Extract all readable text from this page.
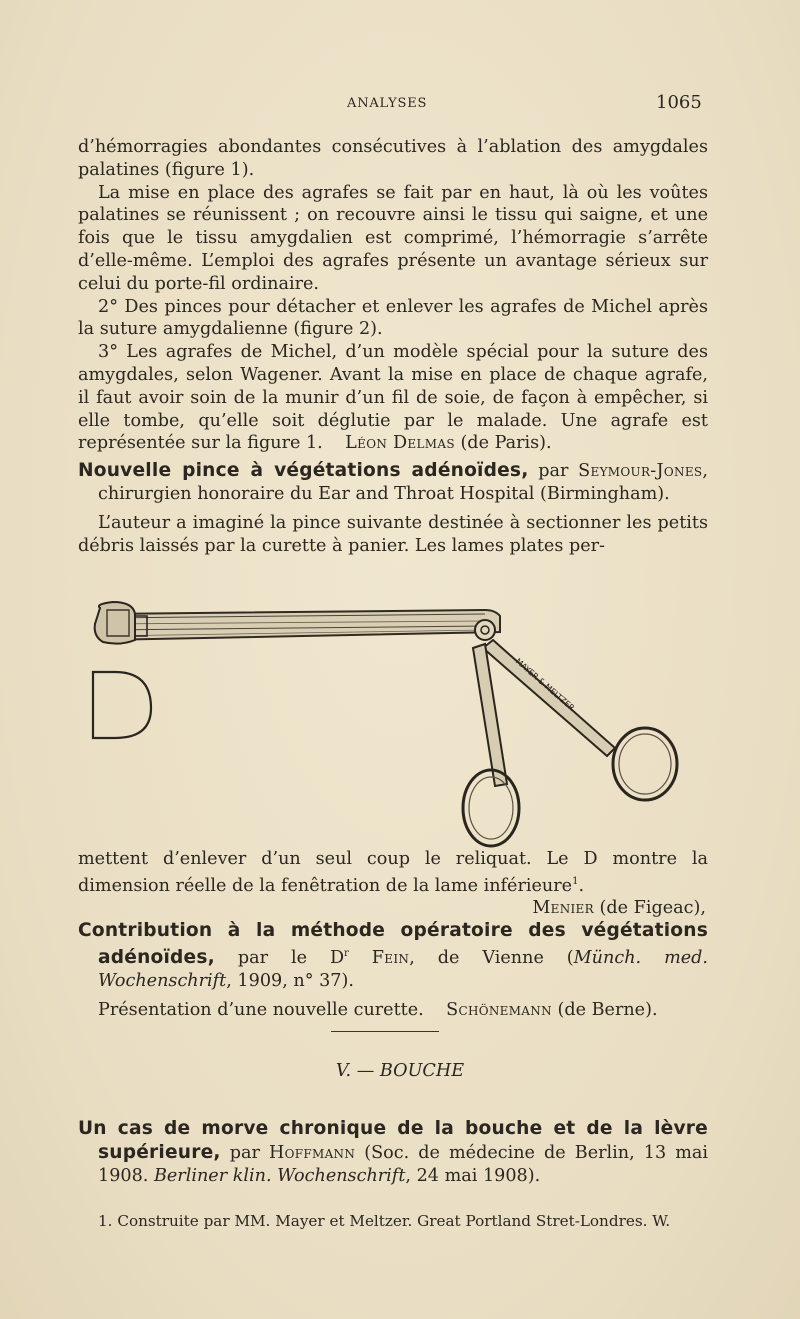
ANALYSES	1065

d’hémorragies abondantes consécutives à l’ablation des amygdales palatines (figure 1).

La mise en place des agrafes se fait par en haut, là où les voûtes palatines se réunissent ; on recouvre ainsi le tissu qui saigne, et une fois que le tissu amygdalien est comprimé, l’hémorragie s’arrête d’elle-même. L’emploi des agrafes présente un avantage sérieux sur celui du porte-fil ordinaire.

2° Des pinces pour détacher et enlever les agrafes de Michel après la suture amygdalienne (figure 2).

3° Les agrafes de Michel, d’un modèle spécial pour la suture des amygdales, selon Wagener. Avant la mise en place de chaque agrafe, il faut avoir soin de la munir d’un fil de soie, de façon à empêcher, si elle tombe, qu’elle soit déglutie par le malade. Une agrafe est représentée sur la figure 1. Léon Delmas (de Paris).

Nouvelle pince à végétations adénoïdes, par Seymour-Jones, chirurgien honoraire du Ear and Throat Hospital (Birmingham).

L’auteur a imaginé la pince suivante destinée à sectionner les petits débris laissés par la curette à panier. Les lames plates per-

MAYER & MELTZER

mettent d’enlever d’un seul coup le reliquat. Le D montre la dimension réelle de la fenêtration de la lame inférieure$^1$.

Menier (de Figeac),

Contribution à la méthode opératoire des végétations adénoïdes, par le $D^r$ Fein, de Vienne (Münch. med. Wochenschrift, 1909, n° 37).

Présentation d’une nouvelle curette. Schönemann (de Berne).

V. — BOUCHE

Un cas de morve chronique de la bouche et de la lèvre supérieure, par Hoffmann (Soc. de médecine de Berlin, 13 mai 1908. Berliner klin. Wochenschrift, 24 mai 1908).

1. Construite par MM. Mayer et Meltzer. Great Portland Stret-Londres. W.
